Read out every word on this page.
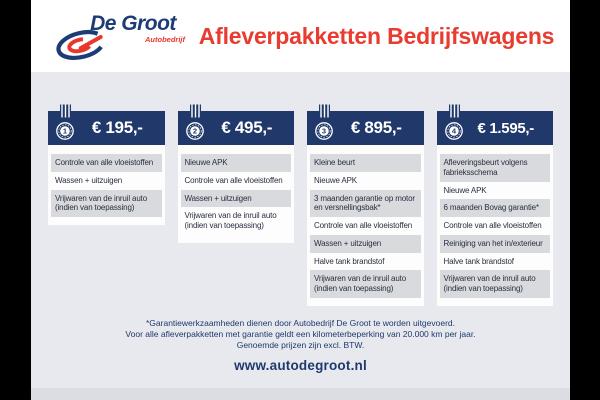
De Groot
Autobedrijf Afleverpakketten Bedrijfswagens
1	€ 195,-
Controle van alle vloeistoffen
Wassen + uitzuigen
Vrijwaren van de inruil auto (indien van toepassing)
2	€ 495,-
Nieuwe APK
Controle van alle vloeistoffen
Wassen + uitzuigen
Vrijwaren van de inruil auto (indien van toepassing)
3	€ 895,-
Kleine beurt
Nieuwe APK
3 maanden garantie op motor en versnellingsbak*
Controle van alle vloeistoffen
Wassen + uitzuigen
Halve tank brandstof
Vrijwaren van de inruil auto (indien van toepassing)
4	€ 1.595,-
Afleveringsbeurt volgens fabrieksschema
Nieuwe APK
6 maanden Bovag garantie*
Controle van alle vloeistoffen
Reiniging van het in/exterieur
Halve tank brandstof
Vrijwaren van de inruil auto (indien van toepassing)
*Garantiewerkzaamheden dienen door Autobedrijf De Groot te worden uitgevoerd.
Voor alle afleverpakketten met garantie geldt een kilometerbeperking van 20.000 km per jaar.
Genoemde prijzen zijn excl. BTW.
www.autodegroot.nl
